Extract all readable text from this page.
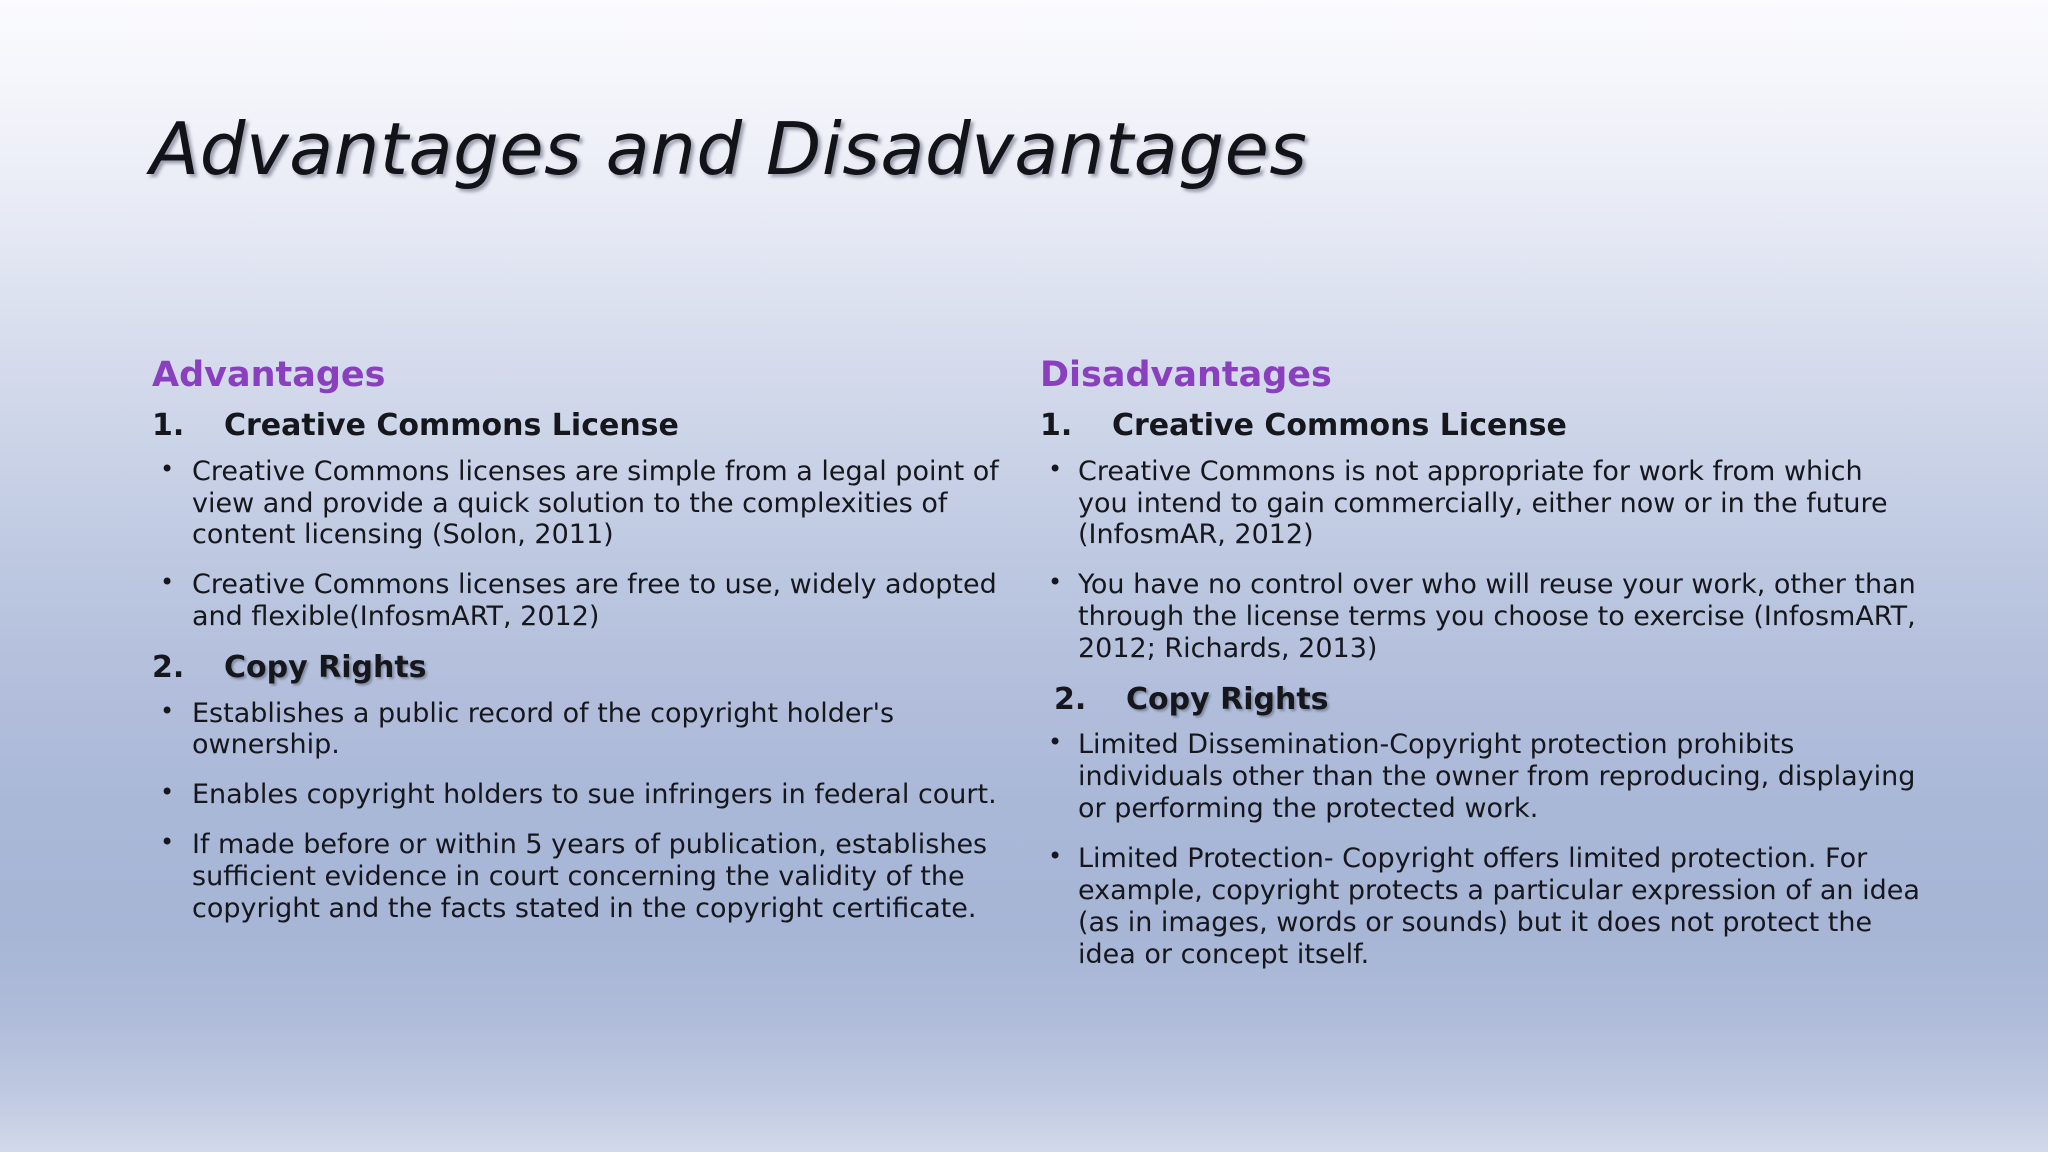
Advantages and Disadvantages
Advantages
1.	Creative Commons License
• Creative Commons licenses are simple from a legal point of view and provide a quick solution to the complexities of content licensing (Solon, 2011)
• Creative Commons licenses are free to use, widely adopted and flexible(InfosmART, 2012)
2.	Copy Rights
• Establishes a public record of the copyright holder's ownership.
• Enables copyright holders to sue infringers in federal court.
• If made before or within 5 years of publication, establishes sufficient evidence in court concerning the validity of the copyright and the facts stated in the copyright certificate.
Disadvantages
1.	Creative Commons License
• Creative Commons is not appropriate for work from which you intend to gain commercially, either now or in the future (InfosmAR, 2012)
• You have no control over who will reuse your work, other than through the license terms you choose to exercise (InfosmART, 2012; Richards, 2013)
2.	Copy Rights
• Limited Dissemination-Copyright protection prohibits individuals other than the owner from reproducing, displaying or performing the protected work.
• Limited Protection- Copyright offers limited protection. For example, copyright protects a particular expression of an idea (as in images, words or sounds) but it does not protect the idea or concept itself.
